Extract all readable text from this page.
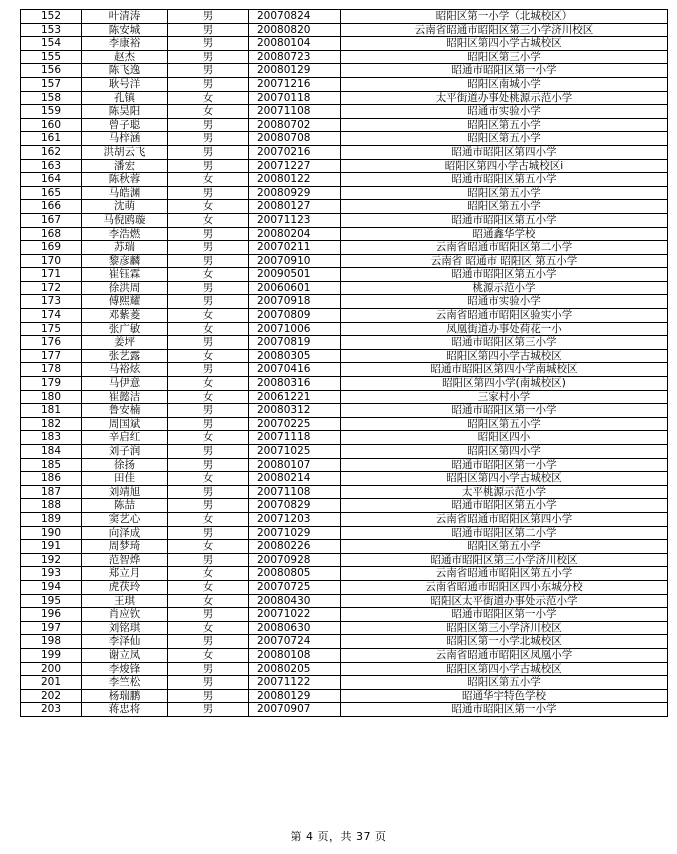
152	叶清涛	男	20070824	昭阳区第一小学（北城校区）
153	陈安城	男	20080820	云南省昭通市昭阳区第三小学济川校区
154	李康裕	男	20080104	昭阳区第四小学古城校区
155	赵杰	男	20080723	昭阳区第三小学
156	陈飞逸	男	20080129	昭通市昭阳区第一小学
157	耿号洋	男	20071216	昭阳区南城小学
158	孔镇	女	20070118	太平街道办事处桃源示范小学
159	陈昊阳	女	20071108	昭通市实验小学
160	曾子聪	男	20080702	昭阳区第五小学
161	马梓涵	男	20080708	昭阳区第五小学
162	洪胡云飞	男	20070216	昭通市昭阳区第四小学
163	潘宏	男	20071227	昭阳区第四小学古城校区i
164	陈秋蓉	女	20080122	昭通市昭阳区第五小学
165	马皓渊	男	20080929	昭阳区第五小学
166	沈萌	女	20080127	昭阳区第五小学
167	马倪鸥璇	女	20071123	昭通市昭阳区第五小学
168	李浩燃	男	20080204	昭通鑫华学校
169	苏瑞	男	20070211	云南省昭通市昭阳区第二小学
170	黎彦麟	男	20070910	云南省 昭通市 昭阳区 第五小学
171	崔钰霖	女	20090501	昭通市昭阳区第五小学
172	徐洪周	男	20060601	桃源示范小学
173	傅熙耀	男	20070918	昭通市实验小学
174	邓紫菱	女	20070809	云南省昭通市昭阳区验实小学
175	张广敏	女	20071006	凤凰街道办事处荷花一小
176	姜坪	男	20070819	昭通市昭阳区第三小学
177	张艺露	女	20080305	昭阳区第四小学古城校区
178	马裕炫	男	20070416	昭通市昭阳区第四小学南城校区
179	马伊意	女	20080316	昭阳区第四小学(南城校区)
180	崔懿洁	女	20061221	三家村小学
181	鲁安楠	男	20080312	昭通市昭阳区第一小学
182	周国斌	男	20070225	昭阳区第五小学
183	辛启红	女	20071118	昭阳区四小
184	刘子润	男	20071025	昭阳区第四小学
185	徐扬	男	20080107	昭通市昭阳区第一小学
186	田佳	女	20080214	昭阳区第四小学古城校区
187	刘靖旭	男	20071108	太平桃源示范小学
188	陈喆	男	20070829	昭通市昭阳区第五小学
189	窦艺心	女	20071203	云南省昭通市昭阳区第四小学
190	向泽成	男	20071029	昭通市昭阳区第二小学
191	周梦琦	女	20080226	昭阳区第五小学
192	范智烨	男	20070928	昭通市昭阳区第三小学济川校区
193	郑立月	女	20080805	云南省昭通市昭阳区第五小学
194	虎茯玲	女	20070725	云南省昭通市昭阳区四小东城分校
195	王琪	女	20080430	昭阳区太平街道办事处示范小学
196	肖应钦	男	20071022	昭通市昭阳区第一小学
197	刘铭琪	女	20080630	昭阳区第三小学济川校区
198	李泽仙	男	20070724	昭阳区第一小学北城校区
199	谢立凤	女	20080108	云南省昭通市昭阳区凤凰小学
200	李焌锋	男	20080205	昭阳区第四小学古城校区
201	李竺松	男	20071122	昭阳区第五小学
202	杨瑞鹏	男	20080129	昭通华宇特色学校
203	蒋忠将	男	20070907	昭通市昭阳区第一小学
第 4 页，共 37 页
